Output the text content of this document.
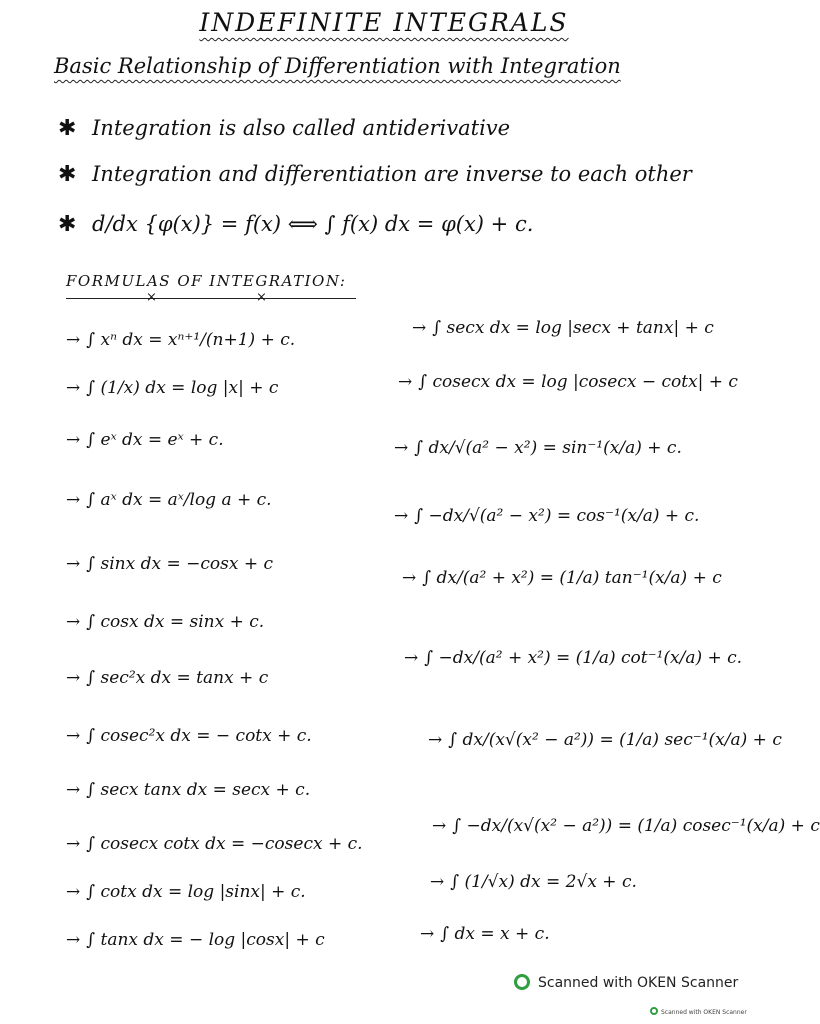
INDEFINITE INTEGRALS
Basic Relationship of Differentiation with Integration
✱ Integration is also called antiderivative
✱ Integration and differentiation are inverse to each other
✱ d/dx {φ(x)} = f(x) ⟺ ∫ f(x) dx = φ(x) + c.
FORMULAS OF INTEGRATION:
×	×
→ ∫ xⁿ dx = xⁿ⁺¹/(n+1) + c.
→ ∫ (1/x) dx = log |x| + c
→ ∫ eˣ dx = eˣ + c.
→ ∫ aˣ dx = aˣ/log a + c.
→ ∫ sinx dx = −cosx + c
→ ∫ cosx dx = sinx + c.
→ ∫ sec²x dx = tanx + c
→ ∫ cosec²x dx = − cotx + c.
→ ∫ secx tanx dx = secx + c.
→ ∫ cosecx cotx dx = −cosecx + c.
→ ∫ cotx dx = log |sinx| + c.
→ ∫ tanx dx = − log |cosx| + c
→ ∫ secx dx = log |secx + tanx| + c
→ ∫ cosecx dx = log |cosecx − cotx| + c
→ ∫ dx/√(a² − x²) = sin⁻¹(x/a) + c.
→ ∫ −dx/√(a² − x²) = cos⁻¹(x/a) + c.
→ ∫ dx/(a² + x²) = (1/a) tan⁻¹(x/a) + c
→ ∫ −dx/(a² + x²) = (1/a) cot⁻¹(x/a) + c.
→ ∫ dx/(x√(x² − a²)) = (1/a) sec⁻¹(x/a) + c
→ ∫ −dx/(x√(x² − a²)) = (1/a) cosec⁻¹(x/a) + c
→ ∫ (1/√x) dx = 2√x + c.
→ ∫ dx = x + c.
Scanned with OKEN Scanner
Scanned with OKEN Scanner
